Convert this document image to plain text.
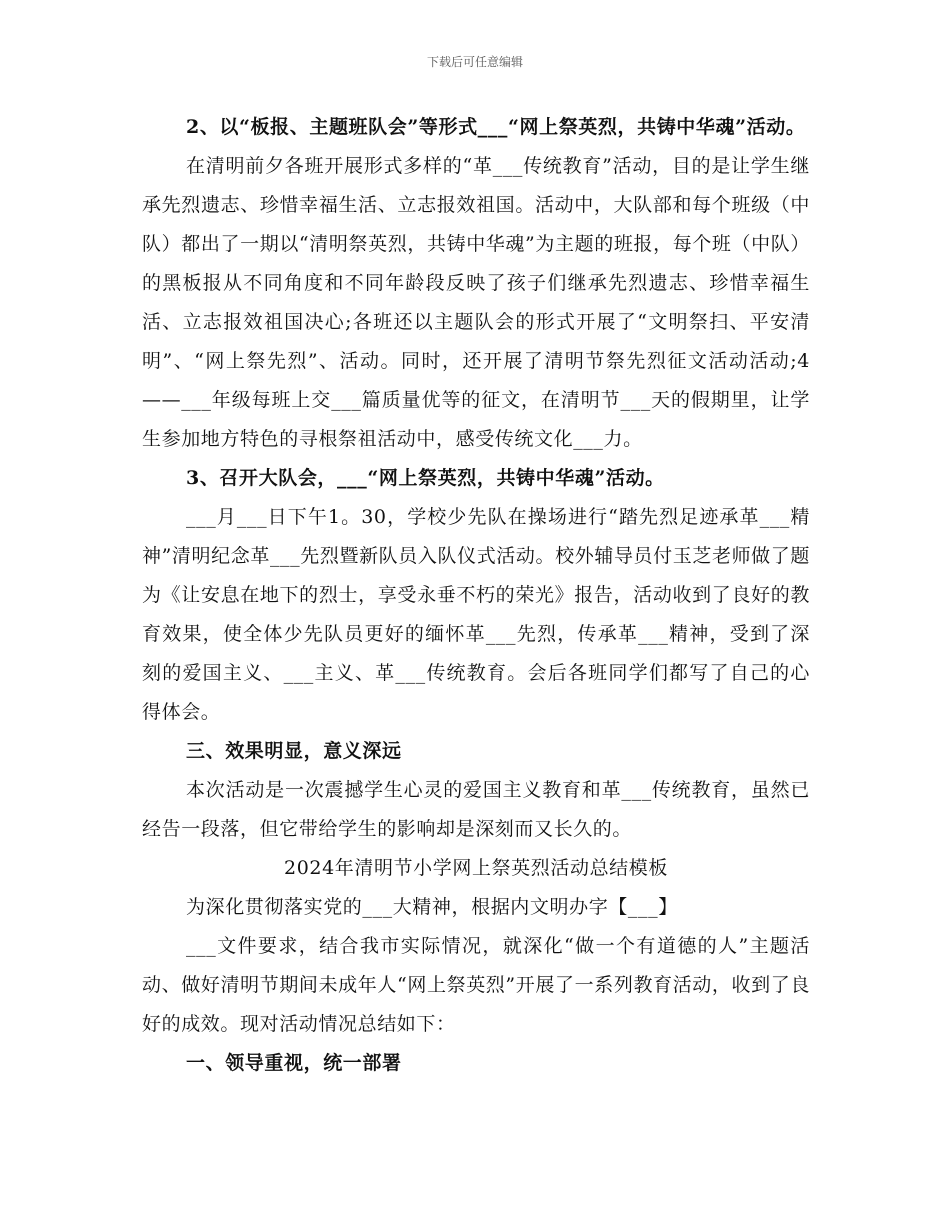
下载后可任意编辑

2、以“板报、主题班队会”等形式___“网上祭英烈，共铸中华魂”活动。

在清明前夕各班开展形式多样的“革___传统教育”活动，目的是让学生继承先烈遗志、珍惜幸福生活、立志报效祖国。活动中，大队部和每个班级（中队）都出了一期以“清明祭英烈，共铸中华魂”为主题的班报，每个班（中队）的黑板报从不同角度和不同年龄段反映了孩子们继承先烈遗志、珍惜幸福生活、立志报效祖国决心;各班还以主题队会的形式开展了“文明祭扫、平安清明”、“网上祭先烈”、活动。同时，还开展了清明节祭先烈征文活动活动;4——___年级每班上交___篇质量优等的征文，在清明节___天的假期里，让学生参加地方特色的寻根祭祖活动中，感受传统文化___力。

3、召开大队会，___“网上祭英烈，共铸中华魂”活动。

___月___日下午1。30，学校少先队在操场进行“踏先烈足迹承革___精神”清明纪念革___先烈暨新队员入队仪式活动。校外辅导员付玉芝老师做了题为《让安息在地下的烈士，享受永垂不朽的荣光》报告，活动收到了良好的教育效果，使全体少先队员更好的缅怀革___先烈，传承革___精神，受到了深刻的爱国主义、___主义、革___传统教育。会后各班同学们都写了自己的心得体会。

三、效果明显，意义深远

本次活动是一次震撼学生心灵的爱国主义教育和革___传统教育，虽然已经告一段落，但它带给学生的影响却是深刻而又长久的。

2024年清明节小学网上祭英烈活动总结模板

为深化贯彻落实党的___大精神，根据内文明办字【___】

___文件要求，结合我市实际情况，就深化“做一个有道德的人”主题活动、做好清明节期间未成年人“网上祭英烈”开展了一系列教育活动，收到了良好的成效。现对活动情况总结如下：

一、领导重视，统一部署
